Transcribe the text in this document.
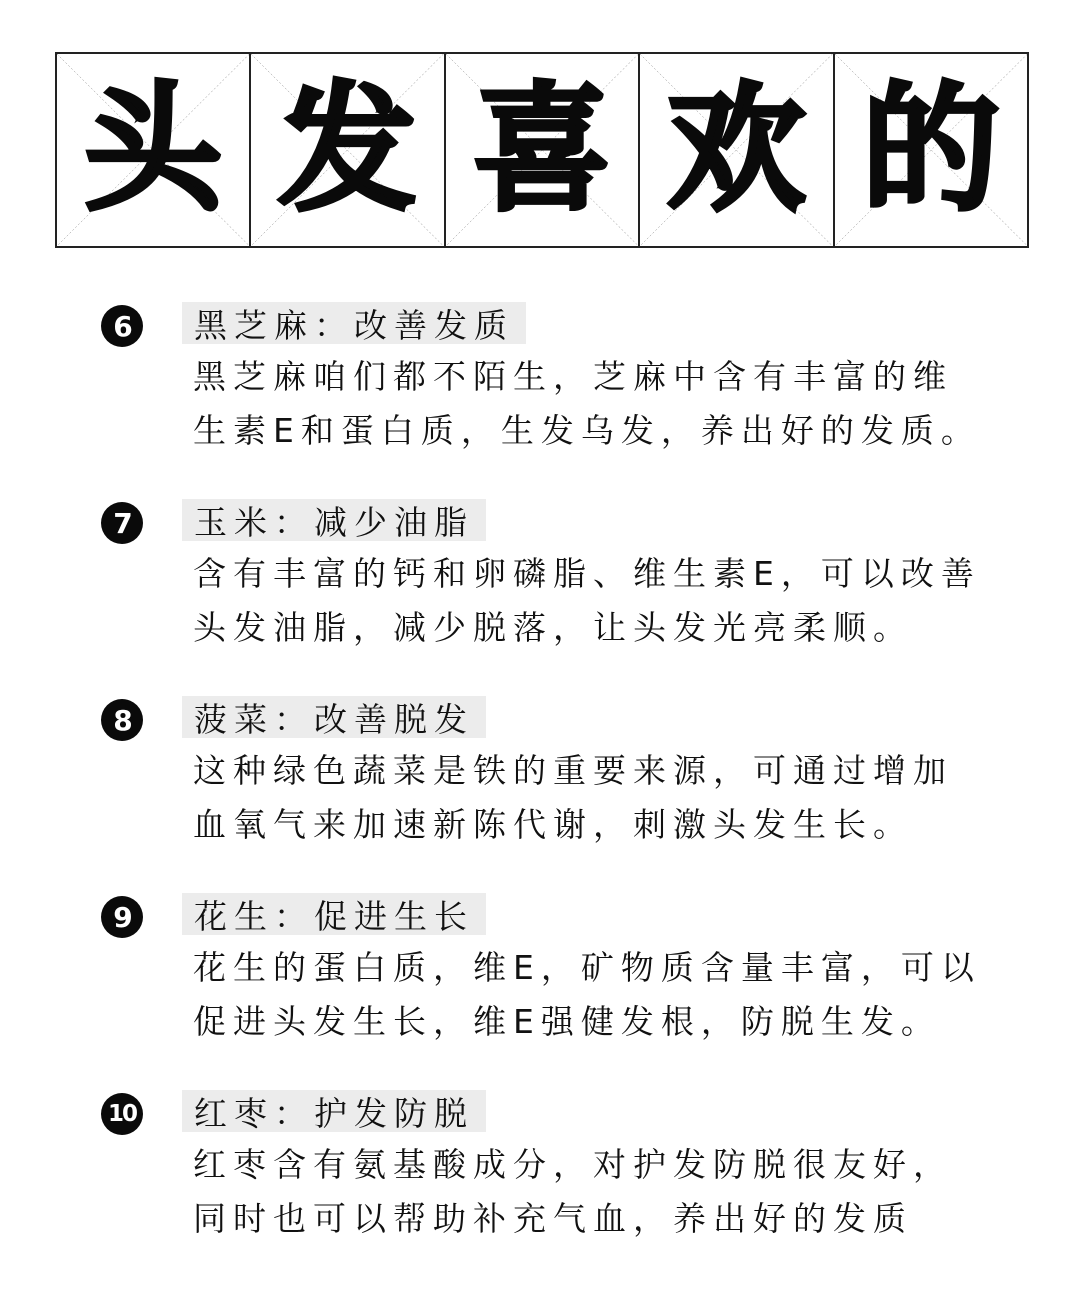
头 发 喜 欢 的
6	黑芝麻：改善发质
黑芝麻咱们都不陌生，芝麻中含有丰富的维
生素E和蛋白质，生发乌发，养出好的发质。
7	玉米：减少油脂
含有丰富的钙和卵磷脂、维生素E，可以改善
头发油脂，减少脱落，让头发光亮柔顺。
8	菠菜：改善脱发
这种绿色蔬菜是铁的重要来源，可通过增加
血氧气来加速新陈代谢，刺激头发生长。
9	花生：促进生长
花生的蛋白质，维E，矿物质含量丰富，可以
促进头发生长，维E强健发根，防脱生发。
10	红枣：护发防脱
红枣含有氨基酸成分，对护发防脱很友好，
同时也可以帮助补充气血，养出好的发质
